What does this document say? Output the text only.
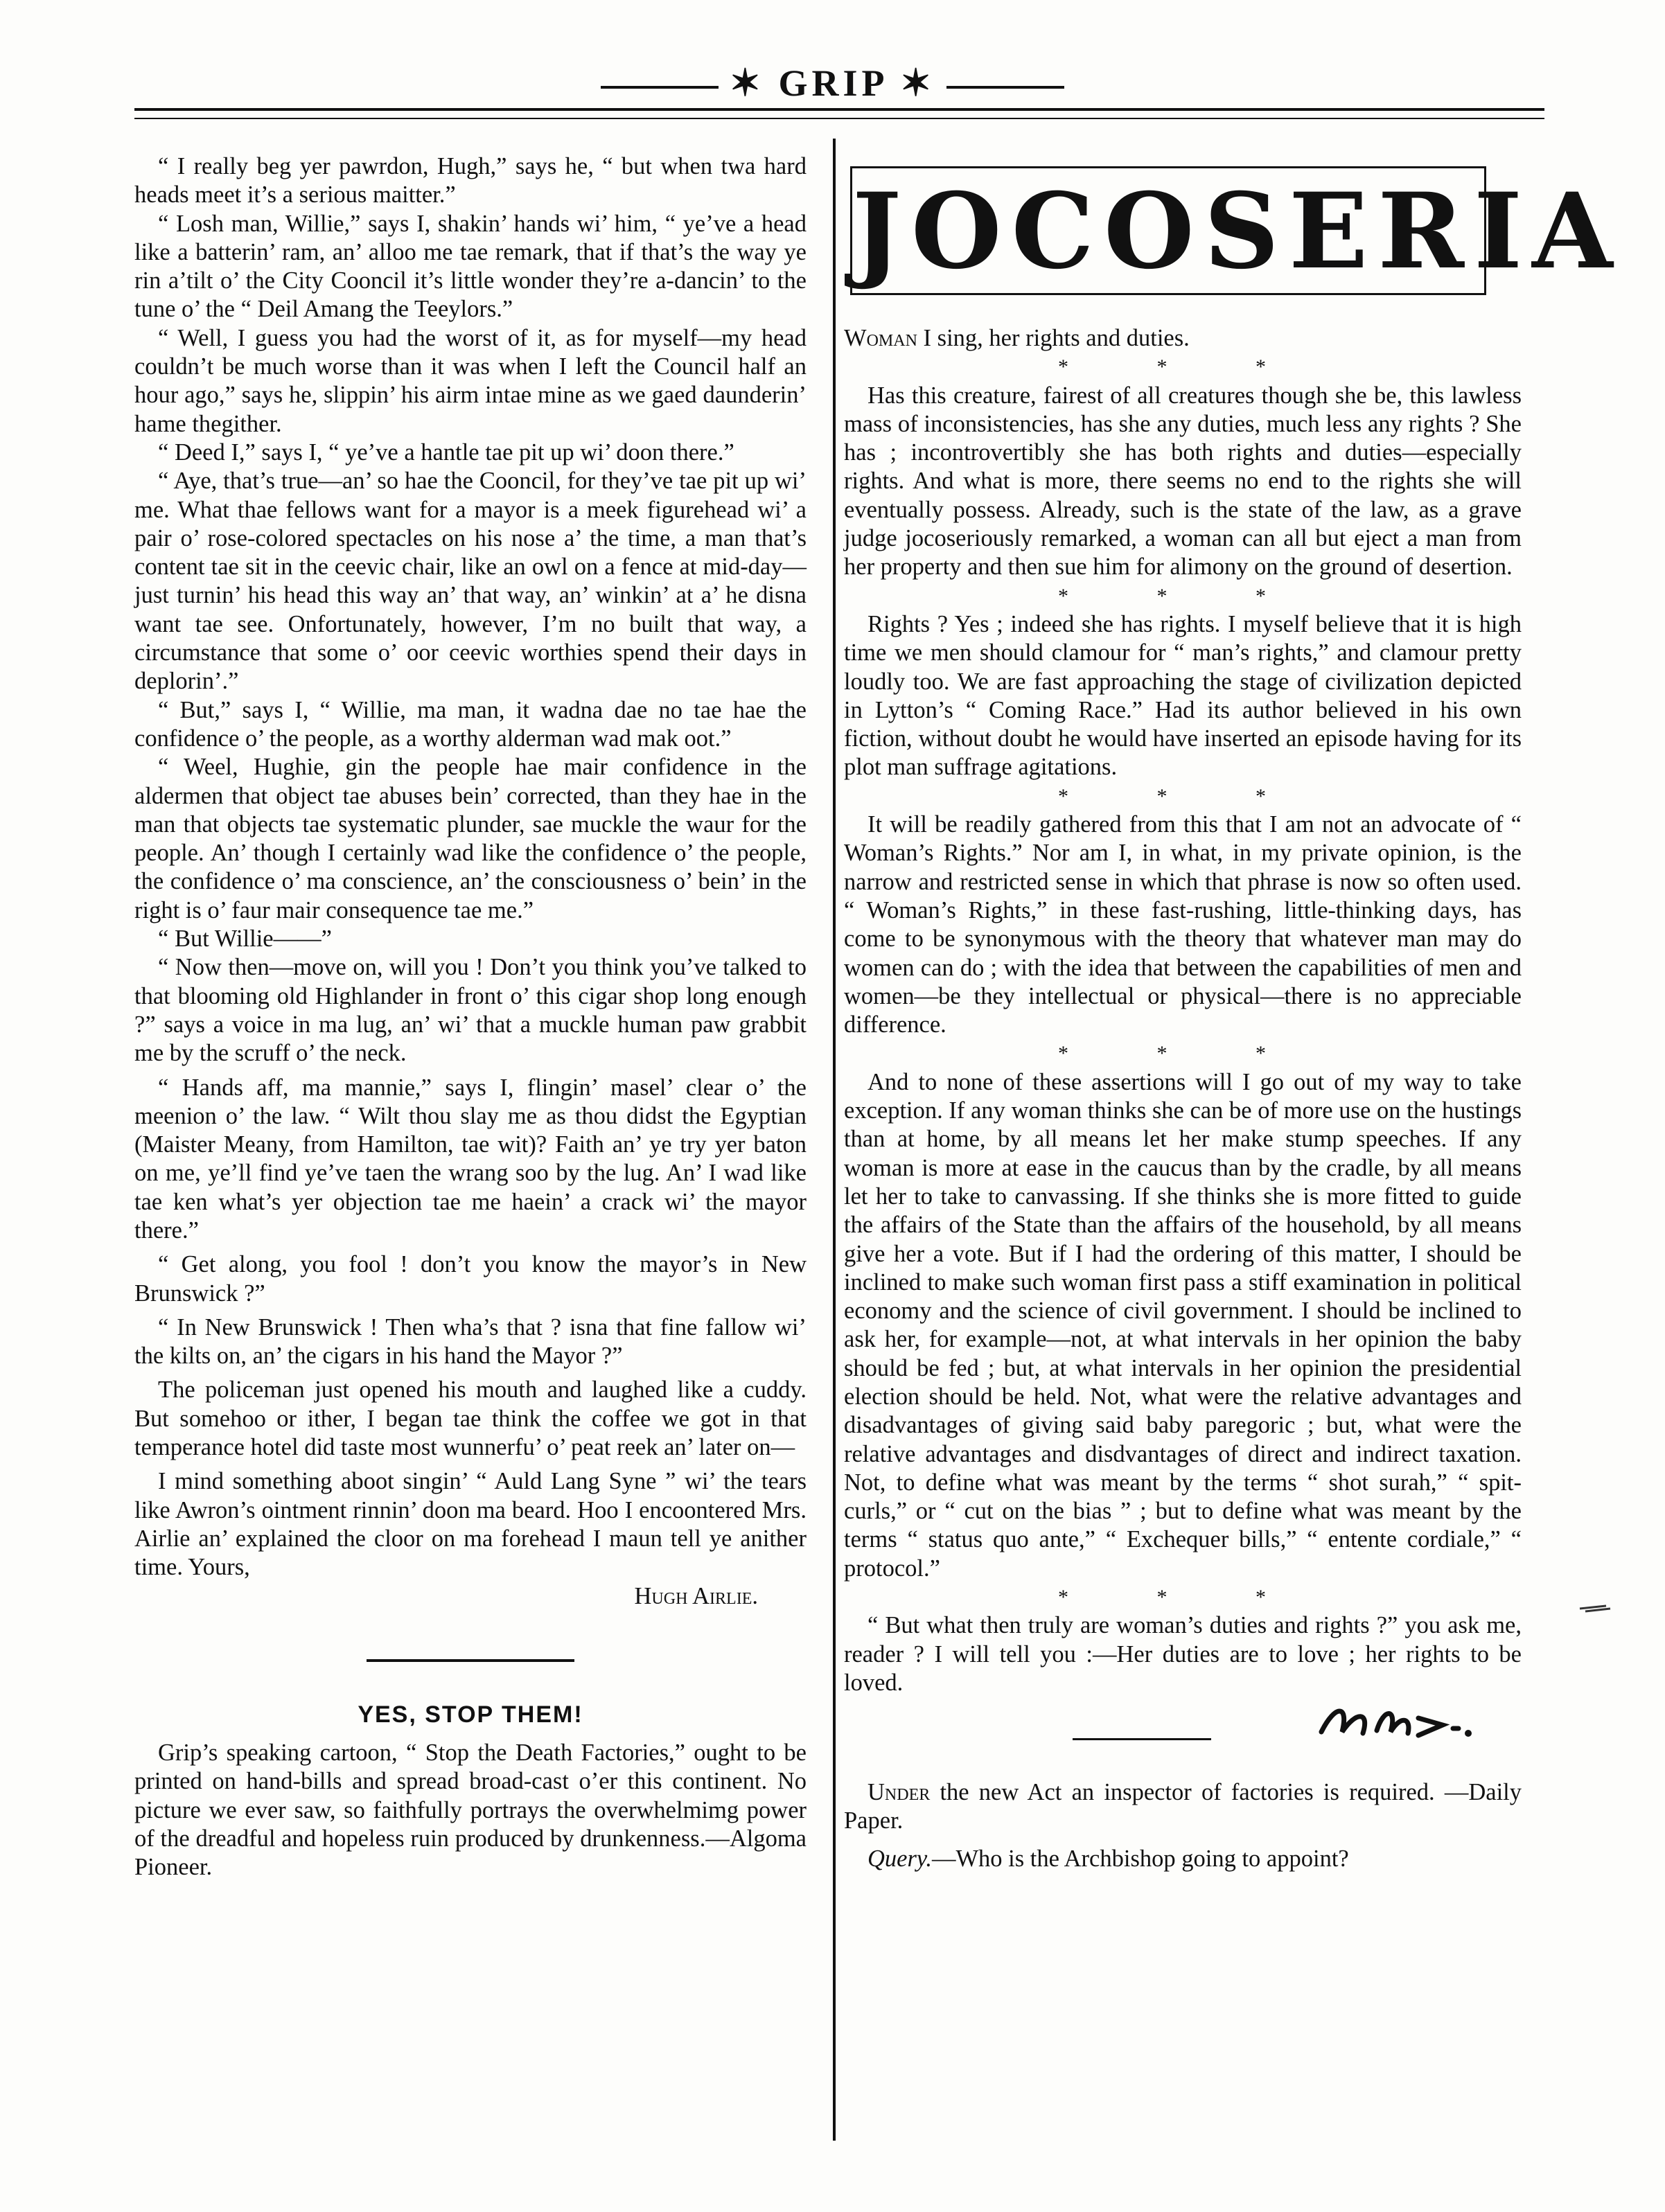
✶ GRIP ✶

“ I really beg yer pawrdon, Hugh,” says he, “ but when twa hard heads meet it’s a serious maitter.”

“ Losh man, Willie,” says I, shakin’ hands wi’ him, “ ye’ve a head like a batterin’ ram, an’ alloo me tae remark, that if that’s the way ye rin a’tilt o’ the City Cooncil it’s little wonder they’re a-dancin’ to the tune o’ the “ Deil Amang the Teeylors.”

“ Well, I guess you had the worst of it, as for myself—my head couldn’t be much worse than it was when I left the Council half an hour ago,” says he, slippin’ his airm intae mine as we gaed daunderin’ hame thegither.

“ Deed I,” says I, “ ye’ve a hantle tae pit up wi’ doon there.”

“ Aye, that’s true—an’ so hae the Cooncil, for they’ve tae pit up wi’ me. What thae fellows want for a mayor is a meek figurehead wi’ a pair o’ rose-colored spectacles on his nose a’ the time, a man that’s content tae sit in the ceevic chair, like an owl on a fence at mid-day—just turnin’ his head this way an’ that way, an’ winkin’ at a’ he disna want tae see. Onfortunately, however, I’m no built that way, a circumstance that some o’ oor ceevic worthies spend their days in deplorin’.”

“ But,” says I, “ Willie, ma man, it wadna dae no tae hae the confidence o’ the people, as a worthy alderman wad mak oot.”

“ Weel, Hughie, gin the people hae mair confidence in the aldermen that object tae abuses bein’ corrected, than they hae in the man that objects tae systematic plunder, sae muckle the waur for the people. An’ though I certainly wad like the confidence o’ the people, the confidence o’ ma conscience, an’ the consciousness o’ bein’ in the right is o’ faur mair consequence tae me.”

“ But Willie——”

“ Now then—move on, will you ! Don’t you think you’ve talked to that blooming old Highlander in front o’ this cigar shop long enough ?” says a voice in ma lug, an’ wi’ that a muckle human paw grabbit me by the scruff o’ the neck.

“ Hands aff, ma mannie,” says I, flingin’ masel’ clear o’ the meenion o’ the law. “ Wilt thou slay me as thou didst the Egyptian (Maister Meany, from Hamilton, tae wit)? Faith an’ ye try yer baton on me, ye’ll find ye’ve taen the wrang soo by the lug. An’ I wad like tae ken what’s yer objection tae me haein’ a crack wi’ the mayor there.”

“ Get along, you fool ! don’t you know the mayor’s in New Brunswick ?”

“ In New Brunswick ! Then wha’s that ? isna that fine fallow wi’ the kilts on, an’ the cigars in his hand the Mayor ?”

The policeman just opened his mouth and laughed like a cuddy. But somehoo or ither, I began tae think the coffee we got in that temperance hotel did taste most wunnerfu’ o’ peat reek an’ later on—

I mind something aboot singin’ “ Auld Lang Syne ” wi’ the tears like Awron’s ointment rinnin’ doon ma beard. Hoo I encoontered Mrs. Airlie an’ explained the cloor on ma forehead I maun tell ye anither time. Yours,

Hugh Airlie.

YES, STOP THEM!

Grip’s speaking cartoon, “ Stop the Death Factories,” ought to be printed on hand-bills and spread broad-cast o’er this continent. No picture we ever saw, so faithfully portrays the overwhelmimg power of the dreadful and hopeless ruin produced by drunkenness.—Algoma Pioneer.

JOCOSERIA

Woman I sing, her rights and duties.

* * *

Has this creature, fairest of all creatures though she be, this lawless mass of inconsistencies, has she any duties, much less any rights ? She has ; incontrovertibly she has both rights and duties—especially rights. And what is more, there seems no end to the rights she will eventually possess. Already, such is the state of the law, as a grave judge jocoseriously remarked, a woman can all but eject a man from her property and then sue him for alimony on the ground of desertion.

* * *

Rights ? Yes ; indeed she has rights. I myself believe that it is high time we men should clamour for “ man’s rights,” and clamour pretty loudly too. We are fast approaching the stage of civilization depicted in Lytton’s “ Coming Race.” Had its author believed in his own fiction, without doubt he would have inserted an episode having for its plot man suffrage agitations.

* * *

It will be readily gathered from this that I am not an advocate of “ Woman’s Rights.” Nor am I, in what, in my private opinion, is the narrow and restricted sense in which that phrase is now so often used. “ Woman’s Rights,” in these fast-rushing, little-thinking days, has come to be synonymous with the theory that whatever man may do women can do ; with the idea that between the capabilities of men and women—be they intellectual or physical—there is no appreciable difference.

* * *

And to none of these assertions will I go out of my way to take exception. If any woman thinks she can be of more use on the hustings than at home, by all means let her make stump speeches. If any woman is more at ease in the caucus than by the cradle, by all means let her to take to canvassing. If she thinks she is more fitted to guide the affairs of the State than the affairs of the household, by all means give her a vote. But if I had the ordering of this matter, I should be inclined to make such woman first pass a stiff examination in political economy and the science of civil government. I should be inclined to ask her, for example—not, at what intervals in her opinion the baby should be fed ; but, at what intervals in her opinion the presidential election should be held. Not, what were the relative advantages and disadvantages of giving said baby paregoric ; but, what were the relative advantages and disdvantages of direct and indirect taxation. Not, to define what was meant by the terms “ shot surah,” “ spit-curls,” or “ cut on the bias ” ; but to define what was meant by the terms “ status quo ante,” “ Exchequer bills,” “ entente cordiale,” “ protocol.”

* * *

“ But what then truly are woman’s duties and rights ?” you ask me, reader ? I will tell you :—Her duties are to love ; her rights to be loved.

Under the new Act an inspector of factories is required. —Daily Paper.

Query.—Who is the Archbishop going to appoint?
